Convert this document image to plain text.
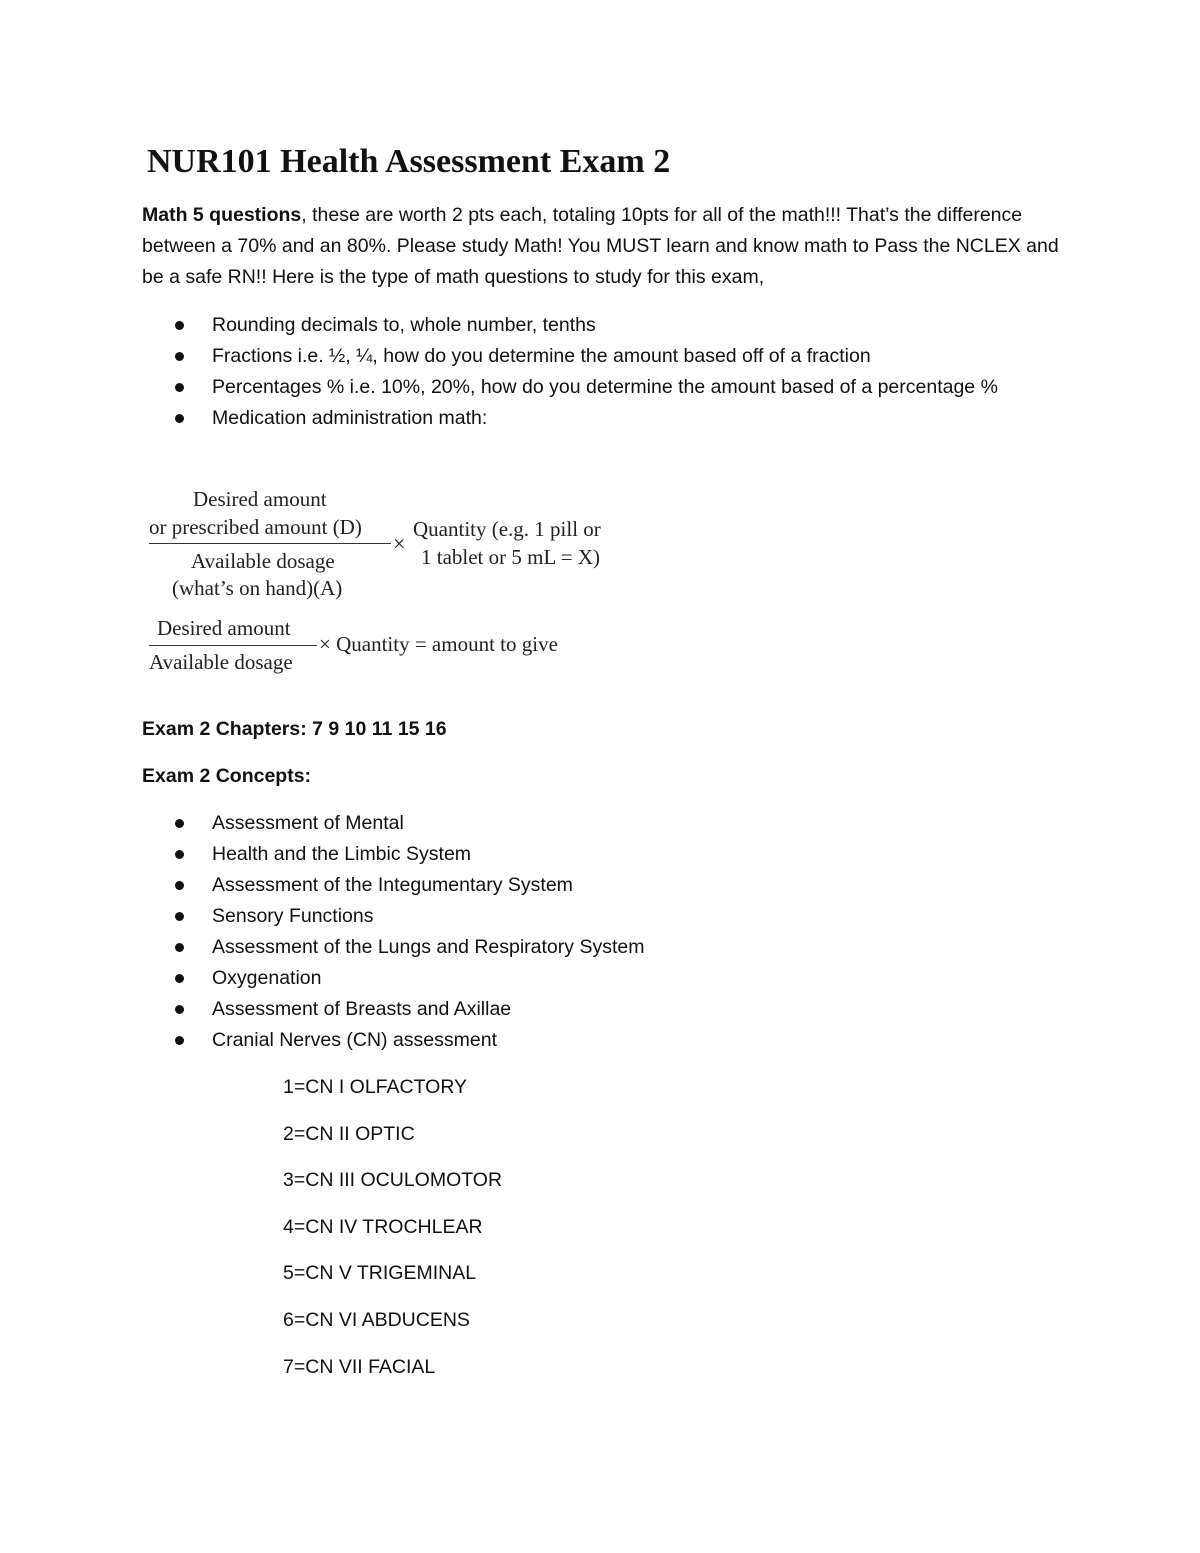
NUR101 Health Assessment Exam 2

Math 5 questions, these are worth 2 pts each, totaling 10pts for all of the math!!! That’s the difference between a 70% and an 80%. Please study Math! You MUST learn and know math to Pass the NCLEX and be a safe RN!! Here is the type of math questions to study for this exam,

Rounding decimals to, whole number, tenths
Fractions i.e. ½, ¼, how do you determine the amount based off of a fraction
Percentages % i.e. 10%, 20%, how do you determine the amount based of a percentage %
Medication administration math:
Desired amount
or prescribed amount (D)
Available dosage
(what’s on hand)(A)
×
Quantity (e.g. 1 pill or
1 tablet or 5 mL = X)
Desired amount
Available dosage
× Quantity = amount to give
Exam 2 Chapters: 7 9 10 11 15 16
Exam 2 Concepts:
Assessment of Mental
Health and the Limbic System
Assessment of the Integumentary System
Sensory Functions
Assessment of the Lungs and Respiratory System
Oxygenation
Assessment of Breasts and Axillae
Cranial Nerves (CN) assessment
1=CN I OLFACTORY
2=CN II OPTIC
3=CN III OCULOMOTOR
4=CN IV TROCHLEAR
5=CN V TRIGEMINAL
6=CN VI ABDUCENS
7=CN VII FACIAL
